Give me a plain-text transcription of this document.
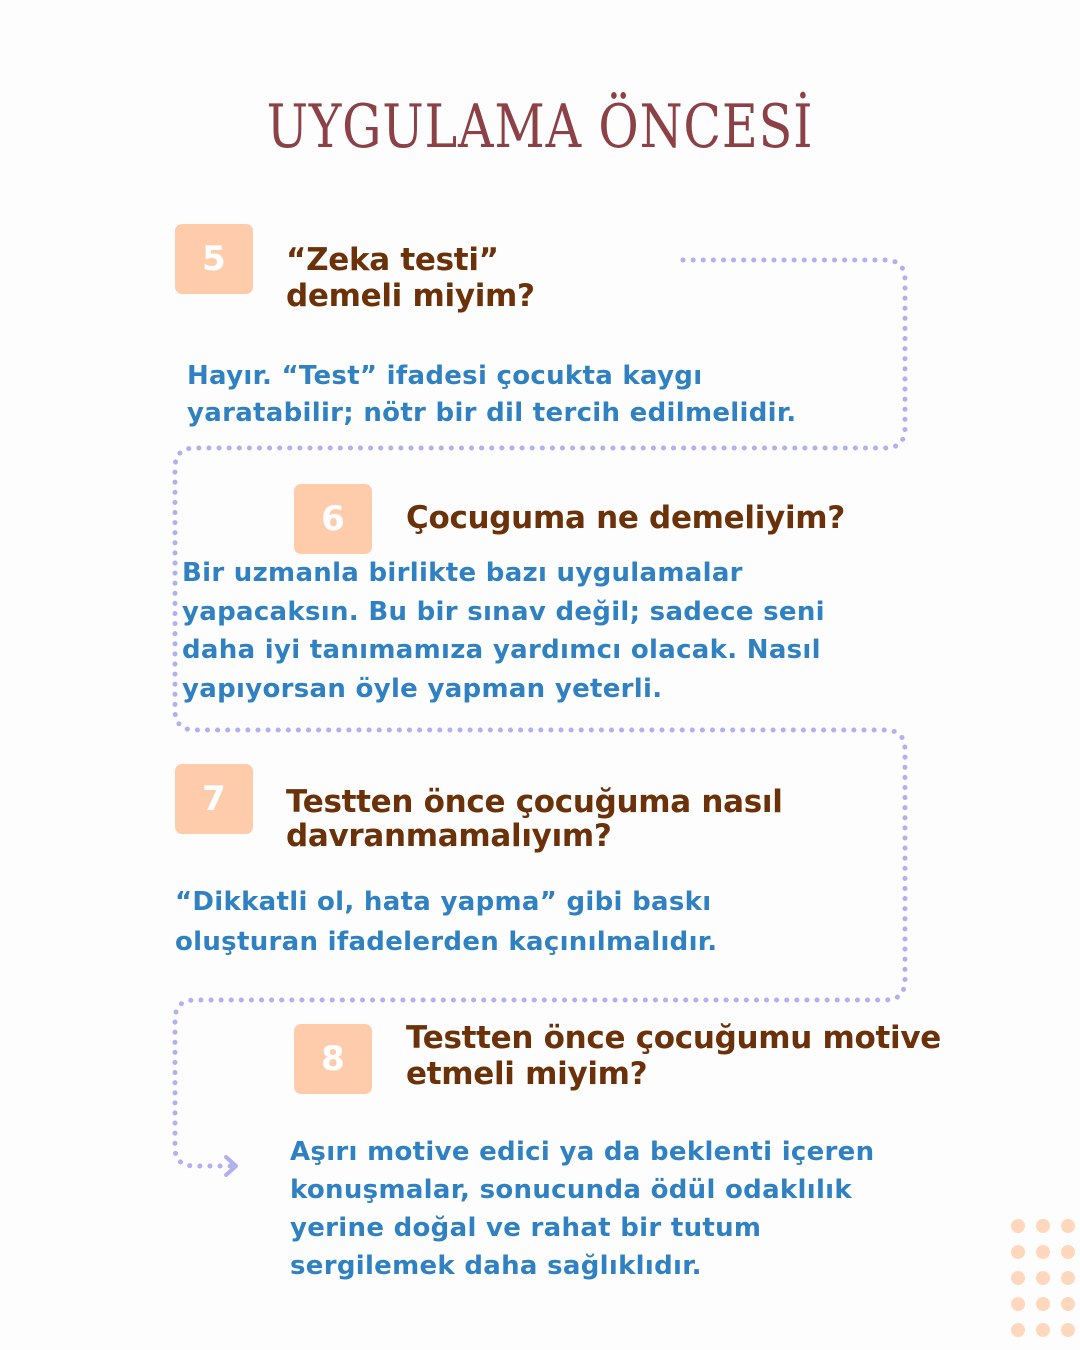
UYGULAMA ÖNCESİ
5	“Zeka testi”
demeli miyim?
Hayır. “Test” ifadesi çocukta kaygı
yaratabilir; nötr bir dil tercih edilmelidir.
6	Çocuguma ne demeliyim?
Bir uzmanla birlikte bazı uygulamalar
yapacaksın. Bu bir sınav değil; sadece seni
daha iyi tanımamıza yardımcı olacak. Nasıl
yapıyorsan öyle yapman yeterli.
7	Testten önce çocuğuma nasıl
davranmamalıyım?
“Dikkatli ol, hata yapma” gibi baskı
oluşturan ifadelerden kaçınılmalıdır.
8
Testten önce çocuğumu motive
etmeli miyim?
Aşırı motive edici ya da beklenti içeren
konuşmalar, sonucunda ödül odaklılık
yerine doğal ve rahat bir tutum
sergilemek daha sağlıklıdır.
